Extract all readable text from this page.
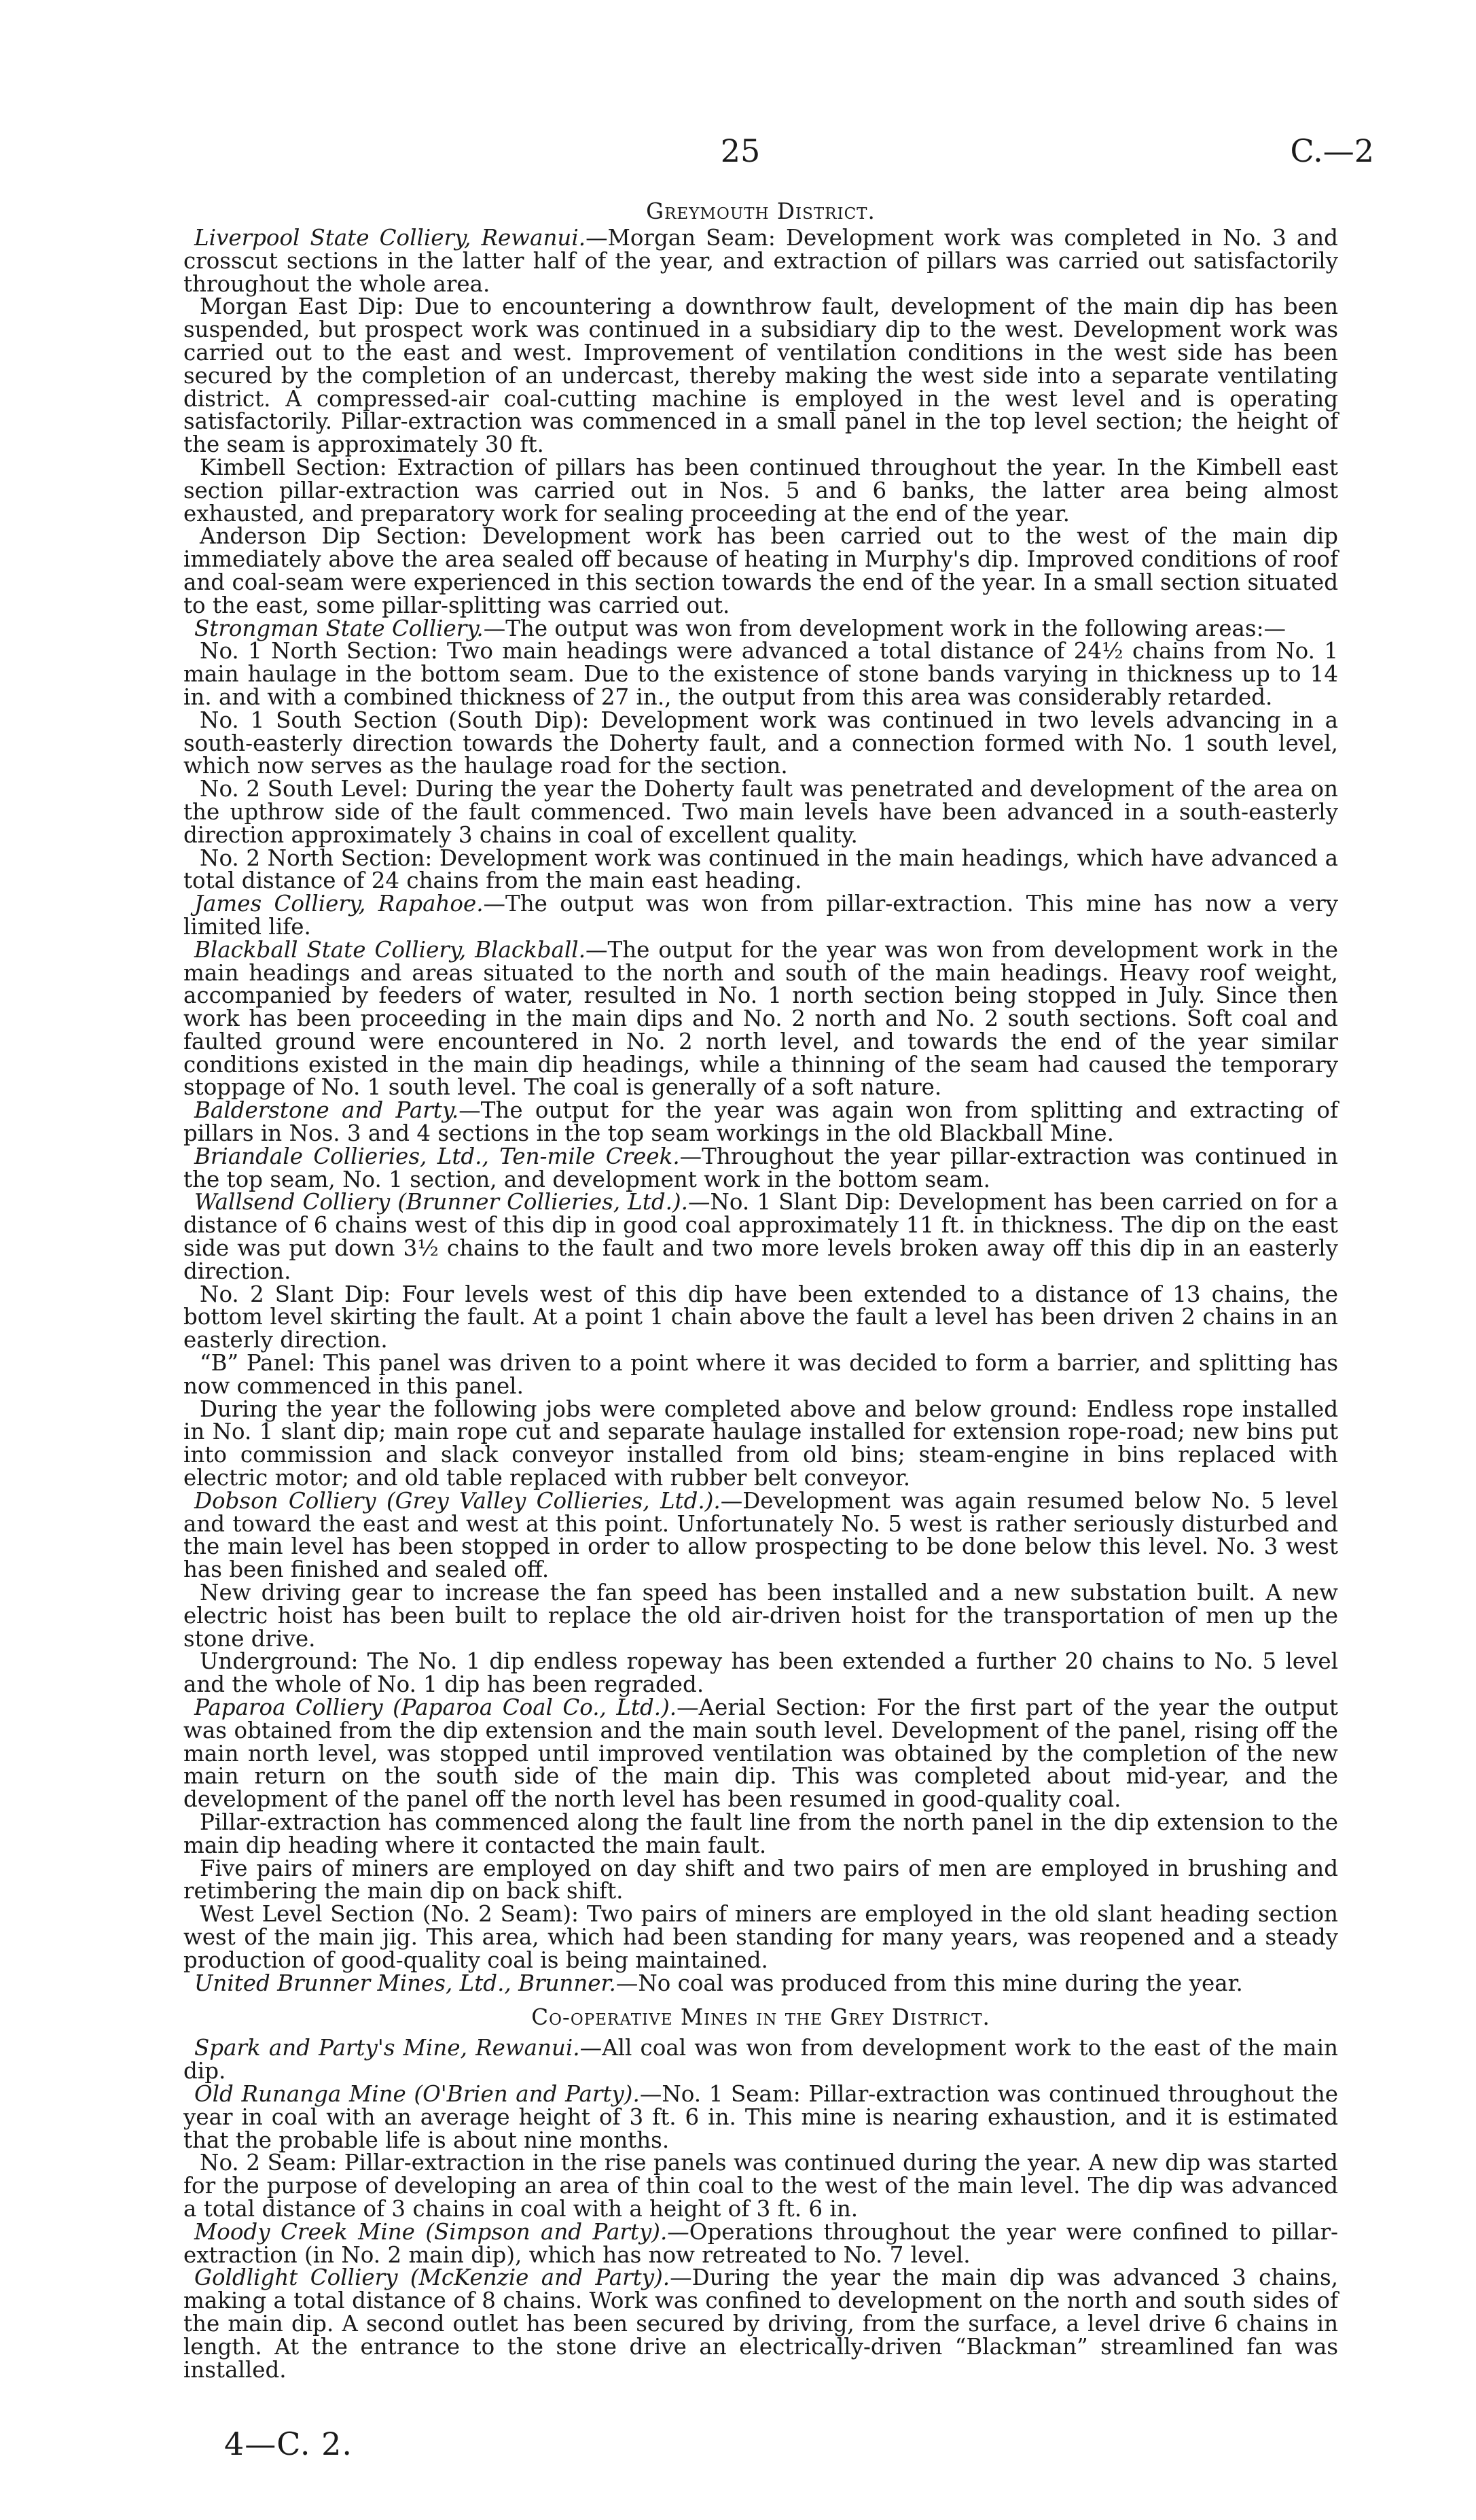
25	C.—2
Greymouth District.

Liverpool State Colliery, Rewanui.—Morgan Seam: Development work was completed in No. 3 and crosscut sections in the latter half of the year, and extraction of pillars was carried out satisfactorily throughout the whole area.

Morgan East Dip: Due to encountering a downthrow fault, development of the main dip has been suspended, but prospect work was continued in a subsidiary dip to the west. Development work was carried out to the east and west. Improvement of ventilation conditions in the west side has been secured by the completion of an undercast, thereby making the west side into a separate ventilating district. A compressed-air coal-cutting machine is employed in the west level and is operating satisfactorily. Pillar-extraction was commenced in a small panel in the top level section; the height of the seam is approximately 30 ft.

Kimbell Section: Extraction of pillars has been continued throughout the year. In the Kimbell east section pillar-extraction was carried out in Nos. 5 and 6 banks, the latter area being almost exhausted, and preparatory work for sealing proceeding at the end of the year.

Anderson Dip Section: Development work has been carried out to the west of the main dip immediately above the area sealed off because of heating in Murphy's dip. Improved conditions of roof and coal-seam were experienced in this section towards the end of the year. In a small section situated to the east, some pillar-splitting was carried out.

Strongman State Colliery.—The output was won from development work in the following areas:—

No. 1 North Section: Two main headings were advanced a total distance of 24½ chains from No. 1 main haulage in the bottom seam. Due to the existence of stone bands varying in thickness up to 14 in. and with a combined thickness of 27 in., the output from this area was considerably retarded.

No. 1 South Section (South Dip): Development work was continued in two levels advancing in a south-easterly direction towards the Doherty fault, and a connection formed with No. 1 south level, which now serves as the haulage road for the section.

No. 2 South Level: During the year the Doherty fault was penetrated and development of the area on the upthrow side of the fault commenced. Two main levels have been advanced in a south-easterly direction approximately 3 chains in coal of excellent quality.

No. 2 North Section: Development work was continued in the main headings, which have advanced a total distance of 24 chains from the main east heading.

James Colliery, Rapahoe.—The output was won from pillar-extraction. This mine has now a very limited life.

Blackball State Colliery, Blackball.—The output for the year was won from development work in the main headings and areas situated to the north and south of the main headings. Heavy roof weight, accompanied by feeders of water, resulted in No. 1 north section being stopped in July. Since then work has been proceeding in the main dips and No. 2 north and No. 2 south sections. Soft coal and faulted ground were encountered in No. 2 north level, and towards the end of the year similar conditions existed in the main dip headings, while a thinning of the seam had caused the temporary stoppage of No. 1 south level. The coal is generally of a soft nature.

Balderstone and Party.—The output for the year was again won from splitting and extracting of pillars in Nos. 3 and 4 sections in the top seam workings in the old Blackball Mine.

Briandale Collieries, Ltd., Ten-mile Creek.—Throughout the year pillar-extraction was continued in the top seam, No. 1 section, and development work in the bottom seam.

Wallsend Colliery (Brunner Collieries, Ltd.).—No. 1 Slant Dip: Development has been carried on for a distance of 6 chains west of this dip in good coal approximately 11 ft. in thickness. The dip on the east side was put down 3½ chains to the fault and two more levels broken away off this dip in an easterly direction.

No. 2 Slant Dip: Four levels west of this dip have been extended to a distance of 13 chains, the bottom level skirting the fault. At a point 1 chain above the fault a level has been driven 2 chains in an easterly direction.

“B” Panel: This panel was driven to a point where it was decided to form a barrier, and splitting has now commenced in this panel.

During the year the following jobs were completed above and below ground: Endless rope installed in No. 1 slant dip; main rope cut and separate haulage installed for extension rope-road; new bins put into commission and slack conveyor installed from old bins; steam-engine in bins replaced with electric motor; and old table replaced with rubber belt conveyor.

Dobson Colliery (Grey Valley Collieries, Ltd.).—Development was again resumed below No. 5 level and toward the east and west at this point. Unfortunately No. 5 west is rather seriously disturbed and the main level has been stopped in order to allow prospecting to be done below this level. No. 3 west has been finished and sealed off.

New driving gear to increase the fan speed has been installed and a new substation built. A new electric hoist has been built to replace the old air-driven hoist for the transportation of men up the stone drive.

Underground: The No. 1 dip endless ropeway has been extended a further 20 chains to No. 5 level and the whole of No. 1 dip has been regraded.

Paparoa Colliery (Paparoa Coal Co., Ltd.).—Aerial Section: For the first part of the year the output was obtained from the dip extension and the main south level. Development of the panel, rising off the main north level, was stopped until improved ventilation was obtained by the completion of the new main return on the south side of the main dip. This was completed about mid-year, and the development of the panel off the north level has been resumed in good-quality coal.

Pillar-extraction has commenced along the fault line from the north panel in the dip extension to the main dip heading where it contacted the main fault.

Five pairs of miners are employed on day shift and two pairs of men are employed in brushing and retimbering the main dip on back shift.

West Level Section (No. 2 Seam): Two pairs of miners are employed in the old slant heading section west of the main jig. This area, which had been standing for many years, was reopened and a steady production of good-quality coal is being maintained.

United Brunner Mines, Ltd., Brunner.—No coal was produced from this mine during the year.

Co-operative Mines in the Grey District.

Spark and Party's Mine, Rewanui.—All coal was won from development work to the east of the main dip.

Old Runanga Mine (O'Brien and Party).—No. 1 Seam: Pillar-extraction was continued throughout the year in coal with an average height of 3 ft. 6 in. This mine is nearing exhaustion, and it is estimated that the probable life is about nine months.

No. 2 Seam: Pillar-extraction in the rise panels was continued during the year. A new dip was started for the purpose of developing an area of thin coal to the west of the main level. The dip was advanced a total distance of 3 chains in coal with a height of 3 ft. 6 in.

Moody Creek Mine (Simpson and Party).—Operations throughout the year were confined to pillar-extraction (in No. 2 main dip), which has now retreated to No. 7 level.

Goldlight Colliery (McKenzie and Party).—During the year the main dip was advanced 3 chains, making a total distance of 8 chains. Work was confined to development on the north and south sides of the main dip. A second outlet has been secured by driving, from the surface, a level drive 6 chains in length. At the entrance to the stone drive an electrically-driven “Blackman” streamlined fan was installed.

4—C. 2.
